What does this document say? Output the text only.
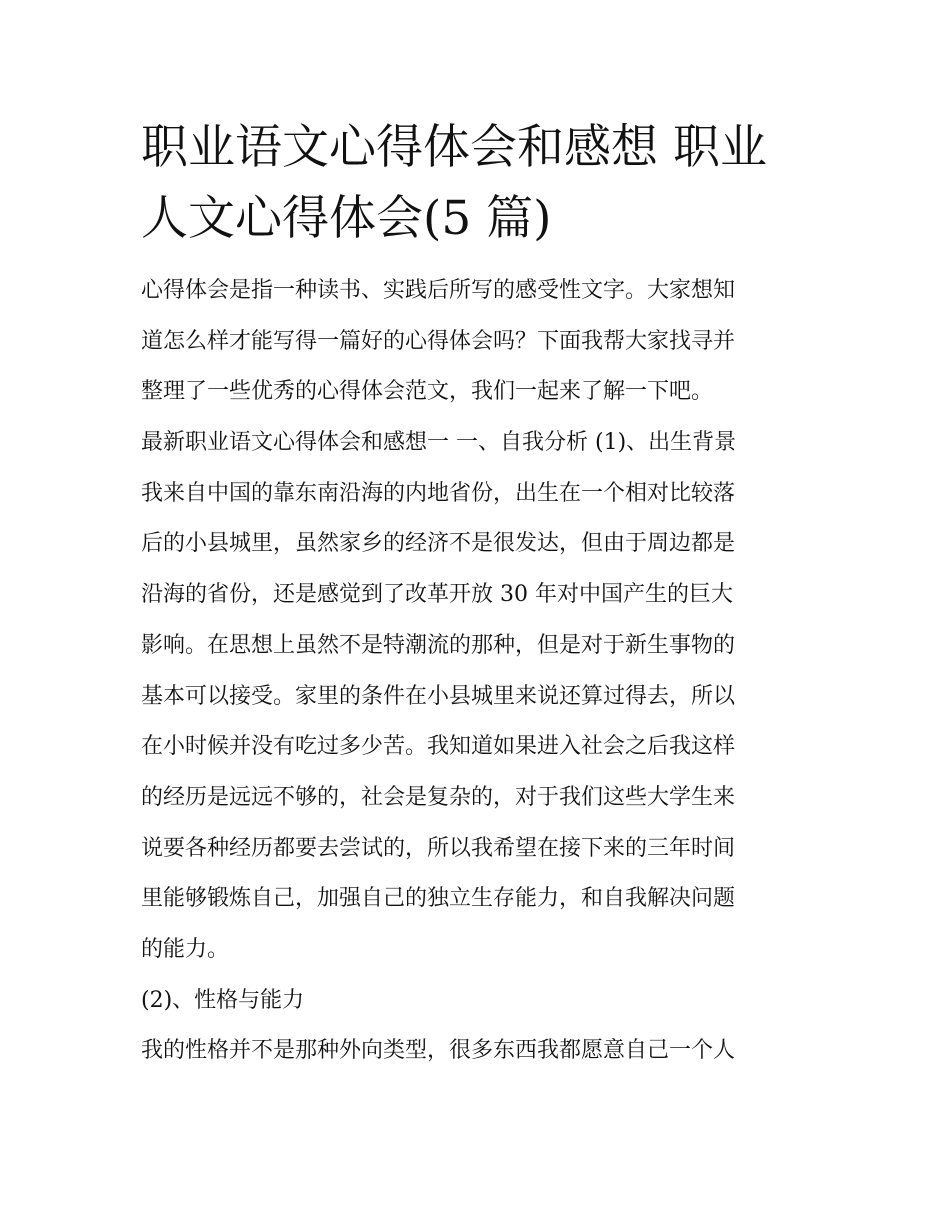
职业语文心得体会和感想 职业
人文心得体会(5 篇)
心得体会是指一种读书、实践后所写的感受性文字。大家想知
道怎么样才能写得一篇好的心得体会吗？下面我帮大家找寻并
整理了一些优秀的心得体会范文，我们一起来了解一下吧。
最新职业语文心得体会和感想一 一、自我分析 (1)、出生背景
我来自中国的靠东南沿海的内地省份，出生在一个相对比较落
后的小县城里，虽然家乡的经济不是很发达，但由于周边都是
沿海的省份，还是感觉到了改革开放 30 年对中国产生的巨大
影响。在思想上虽然不是特潮流的那种，但是对于新生事物的
基本可以接受。家里的条件在小县城里来说还算过得去，所以
在小时候并没有吃过多少苦。我知道如果进入社会之后我这样
的经历是远远不够的，社会是复杂的，对于我们这些大学生来
说要各种经历都要去尝试的，所以我希望在接下来的三年时间
里能够锻炼自己，加强自己的独立生存能力，和自我解决问题
的能力。
(2)、性格与能力
我的性格并不是那种外向类型，很多东西我都愿意自己一个人
